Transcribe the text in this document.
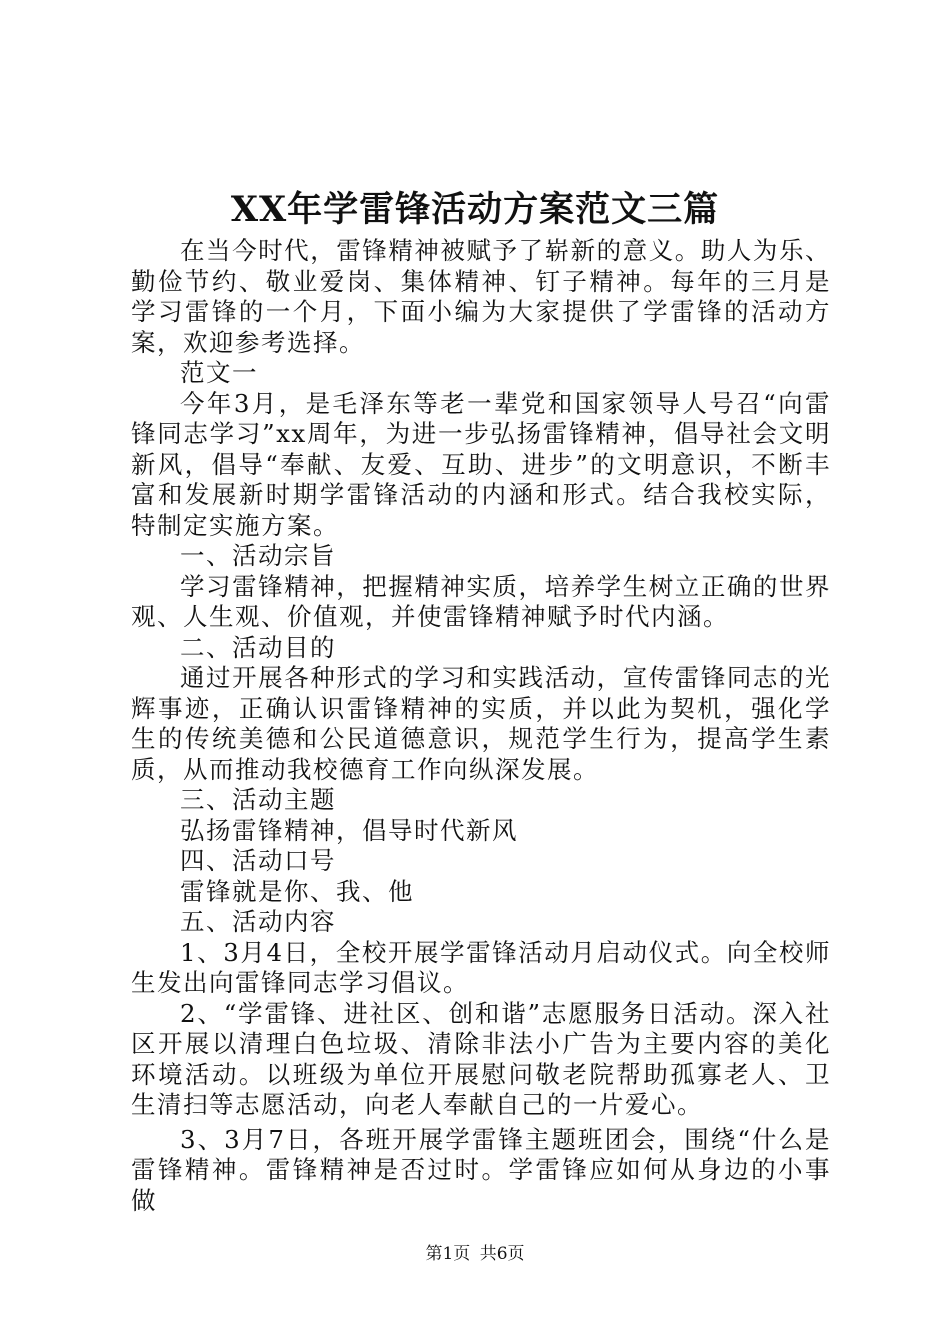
XX年学雷锋活动方案范文三篇

在当今时代，雷锋精神被赋予了崭新的意义。助人为乐、勤俭节约、敬业爱岗、集体精神、钉子精神。每年的三月是学习雷锋的一个月，下面小编为大家提供了学雷锋的活动方案，欢迎参考选择。

范文一

今年3月，是毛泽东等老一辈党和国家领导人号召“向雷锋同志学习”xx周年，为进一步弘扬雷锋精神，倡导社会文明新风，倡导“奉献、友爱、互助、进步”的文明意识，不断丰富和发展新时期学雷锋活动的内涵和形式。结合我校实际，特制定实施方案。

一、活动宗旨

学习雷锋精神，把握精神实质，培养学生树立正确的世界观、人生观、价值观，并使雷锋精神赋予时代内涵。

二、活动目的

通过开展各种形式的学习和实践活动，宣传雷锋同志的光辉事迹，正确认识雷锋精神的实质，并以此为契机，强化学生的传统美德和公民道德意识，规范学生行为，提高学生素质，从而推动我校德育工作向纵深发展。

三、活动主题

弘扬雷锋精神，倡导时代新风

四、活动口号

雷锋就是你、我、他

五、活动内容

1、3月4日，全校开展学雷锋活动月启动仪式。向全校师生发出向雷锋同志学习倡议。

2、“学雷锋、进社区、创和谐”志愿服务日活动。深入社区开展以清理白色垃圾、清除非法小广告为主要内容的美化环境活动。以班级为单位开展慰问敬老院帮助孤寡老人、卫生清扫等志愿活动，向老人奉献自己的一片爱心。

3、3月7日，各班开展学雷锋主题班团会，围绕“什么是雷锋精神。雷锋精神是否过时。学雷锋应如何从身边的小事做

第1页 共6页
